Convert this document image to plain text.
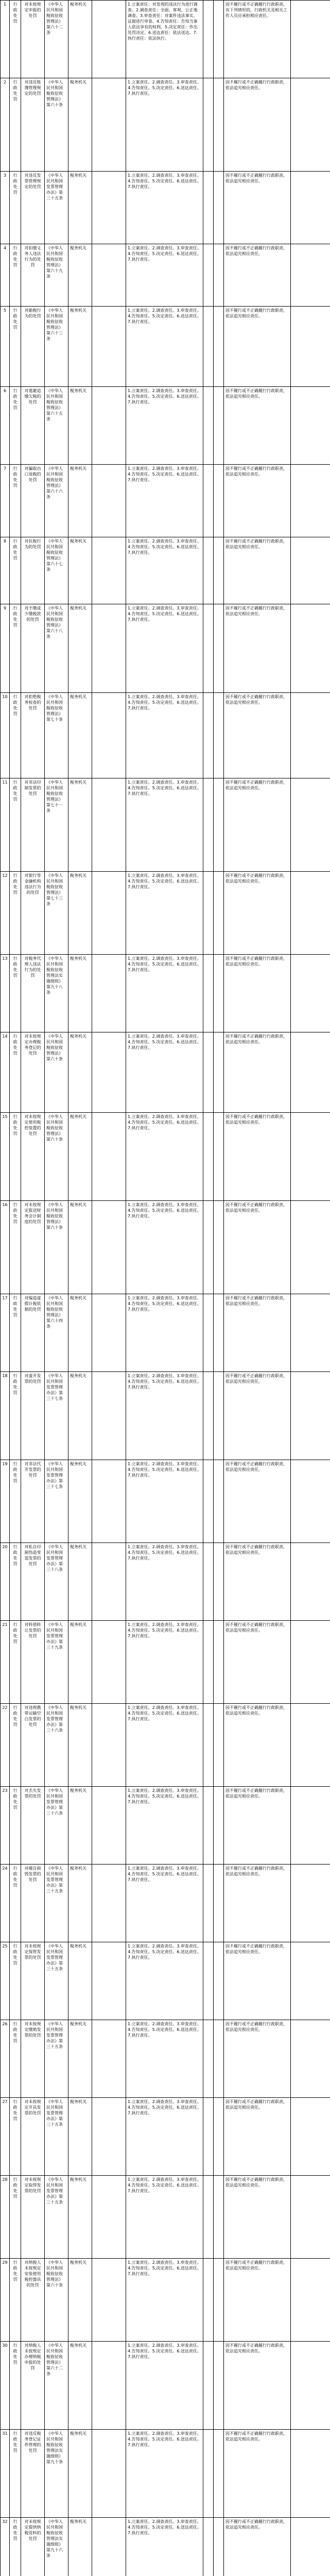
1	行政处罚	对未按规定申报的处罚	《中华人民共和国税收征收管理法》第六十二条	税务机关		1.立案责任：对发现的违法行为进行调查。2.调查责任：全面、客观、公正地调查。3.审查责任：对案件违法事实、证据进行审查。4.告知责任：告知当事人依法享有的权利。5.决定责任：作出处罚决定。6.送达责任：依法送达。7.执行责任：依法执行。			因不履行或不正确履行行政职责，有下列情形的，行政机关及相关工作人员应承担相应责任。	
2	行政处罚	对违反账簿管理规定的处罚	《中华人民共和国税收征收管理法》第六十条	税务机关		1.立案责任。2.调查责任。3.审查责任。4.告知责任。5.决定责任。6.送达责任。7.执行责任。			因不履行或不正确履行行政职责，依法追究相应责任。	
3	行政处罚	对违反发票管理规定的处罚	《中华人民共和国发票管理办法》第三十五条	税务机关		1.立案责任。2.调查责任。3.审查责任。4.告知责任。5.决定责任。6.送达责任。7.执行责任。			因不履行或不正确履行行政职责，依法追究相应责任。	
4	行政处罚	对扣缴义务人违法行为的处罚	《中华人民共和国税收征收管理法》第六十九条	税务机关		1.立案责任。2.调查责任。3.审查责任。4.告知责任。5.决定责任。6.送达责任。7.执行责任。			因不履行或不正确履行行政职责，依法追究相应责任。	
5	行政处罚	对偷税行为的处罚	《中华人民共和国税收征收管理法》第六十三条	税务机关		1.立案责任。2.调查责任。3.审查责任。4.告知责任。5.决定责任。6.送达责任。7.执行责任。			因不履行或不正确履行行政职责，依法追究相应责任。	
6	行政处罚	对逃避追缴欠税的处罚	《中华人民共和国税收征收管理法》第六十五条	税务机关		1.立案责任。2.调查责任。3.审查责任。4.告知责任。5.决定责任。6.送达责任。7.执行责任。			因不履行或不正确履行行政职责，依法追究相应责任。	
7	行政处罚	对骗取出口退税的处罚	《中华人民共和国税收征收管理法》第六十六条	税务机关		1.立案责任。2.调查责任。3.审查责任。4.告知责任。5.决定责任。6.送达责任。7.执行责任。			因不履行或不正确履行行政职责，依法追究相应责任。	
8	行政处罚	对抗税行为的处罚	《中华人民共和国税收征收管理法》第六十七条	税务机关		1.立案责任。2.调查责任。3.审查责任。4.告知责任。5.决定责任。6.送达责任。7.执行责任。			因不履行或不正确履行行政职责，依法追究相应责任。	
9	行政处罚	对不缴或少缴税款的处罚	《中华人民共和国税收征收管理法》第六十八条	税务机关		1.立案责任。2.调查责任。3.审查责任。4.告知责任。5.决定责任。6.送达责任。7.执行责任。			因不履行或不正确履行行政职责，依法追究相应责任。	
10	行政处罚	对拒绝税务检查的处罚	《中华人民共和国税收征收管理法》第七十条	税务机关		1.立案责任。2.调查责任。3.审查责任。4.告知责任。5.决定责任。6.送达责任。7.执行责任。			因不履行或不正确履行行政职责，依法追究相应责任。	
11	行政处罚	对非法印制发票的处罚	《中华人民共和国税收征收管理法》第七十一条	税务机关		1.立案责任。2.调查责任。3.审查责任。4.告知责任。5.决定责任。6.送达责任。7.执行责任。			因不履行或不正确履行行政职责，依法追究相应责任。	
12	行政处罚	对银行等金融机构违法行为的处罚	《中华人民共和国税收征收管理法》第七十三条	税务机关		1.立案责任。2.调查责任。3.审查责任。4.告知责任。5.决定责任。6.送达责任。7.执行责任。			因不履行或不正确履行行政职责，依法追究相应责任。	
13	行政处罚	对税务代理人违法行为的处罚	《中华人民共和国税收征收管理法实施细则》第九十八条	税务机关		1.立案责任。2.调查责任。3.审查责任。4.告知责任。5.决定责任。6.送达责任。7.执行责任。			因不履行或不正确履行行政职责，依法追究相应责任。	
14	行政处罚	对未按规定办理税务登记的处罚	《中华人民共和国税收征收管理法》第六十条	税务机关		1.立案责任。2.调查责任。3.审查责任。4.告知责任。5.决定责任。6.送达责任。7.执行责任。			因不履行或不正确履行行政职责，依法追究相应责任。	
15	行政处罚	对未按规定使用税控装置的处罚	《中华人民共和国税收征收管理法》第六十条	税务机关		1.立案责任。2.调查责任。3.审查责任。4.告知责任。5.决定责任。6.送达责任。7.执行责任。			因不履行或不正确履行行政职责，依法追究相应责任。	
16	行政处罚	对未按规定报送财务会计制度的处罚	《中华人民共和国税收征收管理法》第六十条	税务机关		1.立案责任。2.调查责任。3.审查责任。4.告知责任。5.决定责任。6.送达责任。7.执行责任。			因不履行或不正确履行行政职责，依法追究相应责任。	
17	行政处罚	对编造虚假计税依据的处罚	《中华人民共和国税收征收管理法》第六十四条	税务机关		1.立案责任。2.调查责任。3.审查责任。4.告知责任。5.决定责任。6.送达责任。7.执行责任。			因不履行或不正确履行行政职责，依法追究相应责任。	
18	行政处罚	对虚开发票的处罚	《中华人民共和国发票管理办法》第三十七条	税务机关		1.立案责任。2.调查责任。3.审查责任。4.告知责任。5.决定责任。6.送达责任。7.执行责任。			因不履行或不正确履行行政职责，依法追究相应责任。	
19	行政处罚	对非法代开发票的处罚	《中华人民共和国发票管理办法》第三十七条	税务机关		1.立案责任。2.调查责任。3.审查责任。4.告知责任。5.决定责任。6.送达责任。7.执行责任。			因不履行或不正确履行行政职责，依法追究相应责任。	
20	行政处罚	对私自印制伪造变造发票的处罚	《中华人民共和国发票管理办法》第三十八条	税务机关		1.立案责任。2.调查责任。3.审查责任。4.告知责任。5.决定责任。6.送达责任。7.执行责任。			因不履行或不正确履行行政职责，依法追究相应责任。	
21	行政处罚	对转借转让发票的处罚	《中华人民共和国发票管理办法》第三十九条	税务机关		1.立案责任。2.调查责任。3.审查责任。4.告知责任。5.决定责任。6.送达责任。7.执行责任。			因不履行或不正确履行行政职责，依法追究相应责任。	
22	行政处罚	对违规携带运输空白发票的处罚	《中华人民共和国发票管理办法》第三十六条	税务机关		1.立案责任。2.调查责任。3.审查责任。4.告知责任。5.决定责任。6.送达责任。7.执行责任。			因不履行或不正确履行行政职责，依法追究相应责任。	
23	行政处罚	对丢失发票的处罚	《中华人民共和国发票管理办法》第三十六条	税务机关		1.立案责任。2.调查责任。3.审查责任。4.告知责任。5.决定责任。6.送达责任。7.执行责任。			因不履行或不正确履行行政职责，依法追究相应责任。	
24	行政处罚	对擅自损毁发票的处罚	《中华人民共和国发票管理办法》第三十五条	税务机关		1.立案责任。2.调查责任。3.审查责任。4.告知责任。5.决定责任。6.送达责任。7.执行责任。			因不履行或不正确履行行政职责，依法追究相应责任。	
25	行政处罚	对未按规定保管发票的处罚	《中华人民共和国发票管理办法》第三十五条	税务机关		1.立案责任。2.调查责任。3.审查责任。4.告知责任。5.决定责任。6.送达责任。7.执行责任。			因不履行或不正确履行行政职责，依法追究相应责任。	
26	行政处罚	对未按规定缴销发票的处罚	《中华人民共和国发票管理办法》第三十五条	税务机关		1.立案责任。2.调查责任。3.审查责任。4.告知责任。5.决定责任。6.送达责任。7.执行责任。			因不履行或不正确履行行政职责，依法追究相应责任。	
27	行政处罚	对未按规定开具发票的处罚	《中华人民共和国发票管理办法》第三十五条	税务机关		1.立案责任。2.调查责任。3.审查责任。4.告知责任。5.决定责任。6.送达责任。7.执行责任。			因不履行或不正确履行行政职责，依法追究相应责任。	
28	行政处罚	对未按规定取得发票的处罚	《中华人民共和国发票管理办法》第三十五条	税务机关		1.立案责任。2.调查责任。3.审查责任。4.告知责任。5.决定责任。6.送达责任。7.执行责任。			因不履行或不正确履行行政职责，依法追究相应责任。	
29	行政处罚	对纳税人未按规定安装使用税控器具的处罚	《中华人民共和国税收征收管理法》第六十条	税务机关		1.立案责任。2.调查责任。3.审查责任。4.告知责任。5.决定责任。6.送达责任。7.执行责任。			因不履行或不正确履行行政职责，依法追究相应责任。	
30	行政处罚	对纳税人未按规定办理纳税申报的处罚	《中华人民共和国税收征收管理法》第六十二条	税务机关		1.立案责任。2.调查责任。3.审查责任。4.告知责任。5.决定责任。6.送达责任。7.执行责任。			因不履行或不正确履行行政职责，依法追究相应责任。	
31	行政处罚	对违反税务登记证件管理的处罚	《中华人民共和国税收征收管理法实施细则》第九十条	税务机关		1.立案责任。2.调查责任。3.审查责任。4.告知责任。5.决定责任。6.送达责任。7.执行责任。			因不履行或不正确履行行政职责，依法追究相应责任。	
32	行政处罚	对未按规定提供纳税资料的处罚	《中华人民共和国税收征收管理法实施细则》第九十六条	税务机关		1.立案责任。2.调查责任。3.审查责任。4.告知责任。5.决定责任。6.送达责任。7.执行责任。			因不履行或不正确履行行政职责，依法追究相应责任。	
